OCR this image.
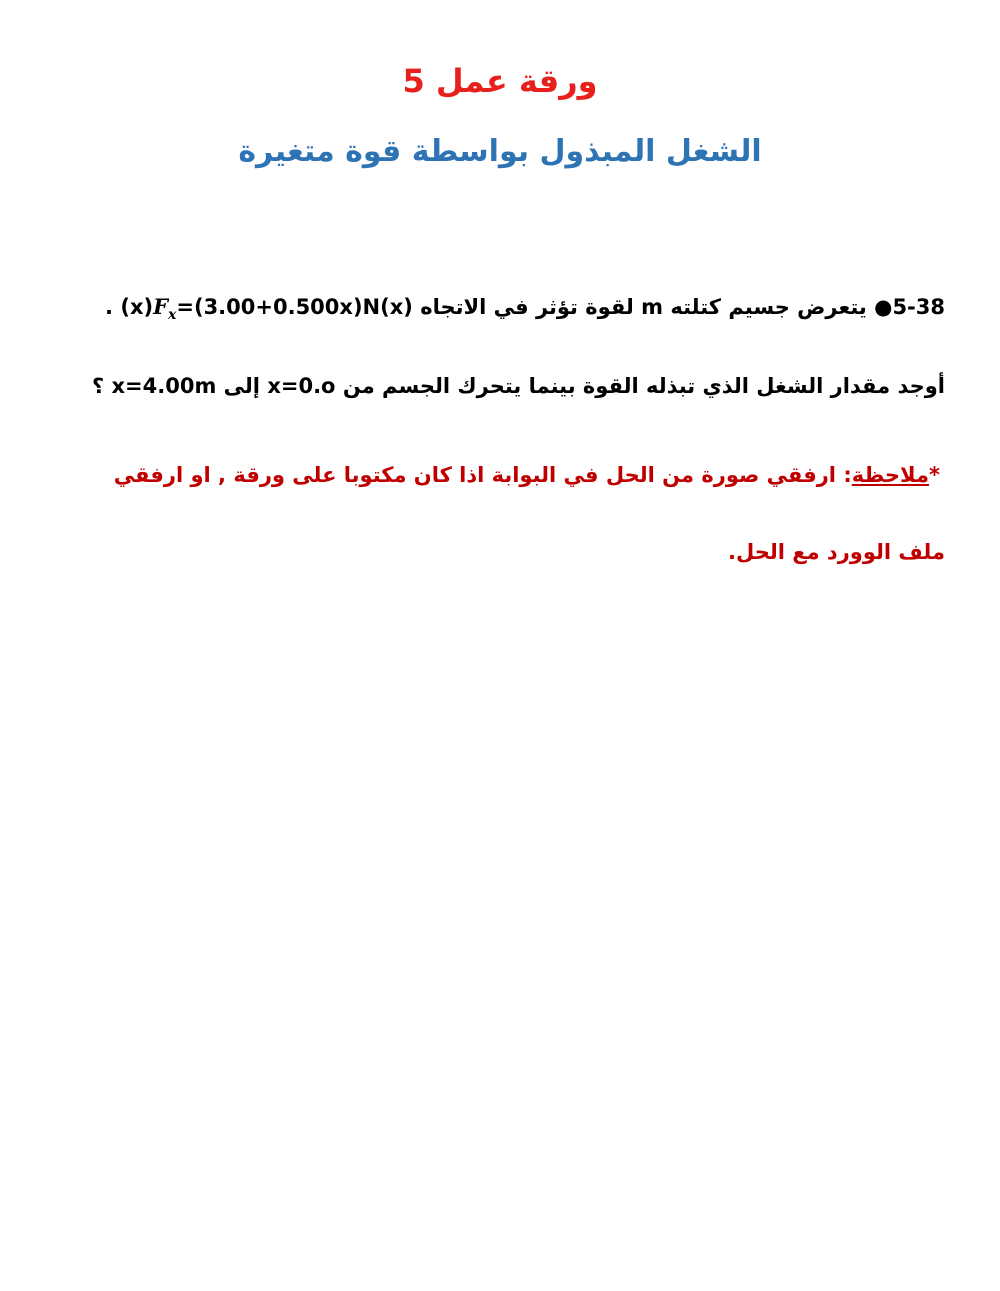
ورقة عمل 5
الشغل المبذول بواسطة قوة متغيرة
●5-38 يتعرض جسيم كتلته m لقوة تؤثر في الاتجاه $(x)F_x=(3.00+0.500x)N(x)$ .
أوجد مقدار الشغل الذي تبذله القوة بينما يتحرك الجسم من x=0.o إلى x=4.00m ؟
*ملاحظة: ارفقي صورة من الحل في البوابة اذا كان مكتوبا على ورقة , او ارفقي
ملف الوورد مع الحل.
